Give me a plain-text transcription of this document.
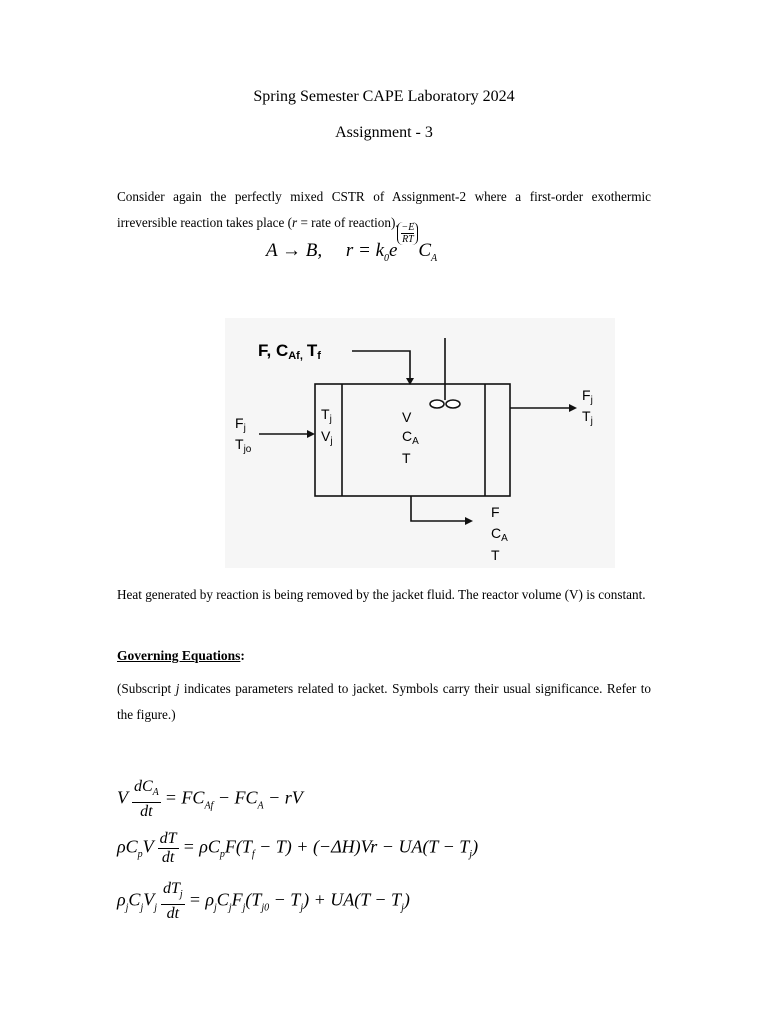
Spring Semester CAPE Laboratory 2024
Assignment - 3
Consider again the perfectly mixed CSTR of Assignment-2 where a first-order exothermic irreversible reaction takes place (r = rate of reaction).
A → B, $r = k_0e$
$\frac{-E}{RT}$
$C_A$
F, CAf, Tf
$F_j$
$T_{jo}$
$T_j$
$V_j$
V
$C_A$
T
$F_j$
$T_j$
F
$C_A$
T
Heat generated by reaction is being removed by the jacket fluid. The reactor volume (V) is constant.
Governing Equations:
(Subscript j indicates parameters related to jacket. Symbols carry their usual significance. Refer to the figure.)
V $\frac{dC_A}{dt} = FC_{Af} - FC_A$ − rV
$\rho C_pV \frac{dT}{dt} = \rho C_pF(T_f - T) + (-\Delta H)Vr - UA(T - T_j)$
$\rho_jC_jV_j \frac{dT_j}{dt} = \rho_jC_jF_j(T_{j0} - T_j) + UA(T - T_j)$
